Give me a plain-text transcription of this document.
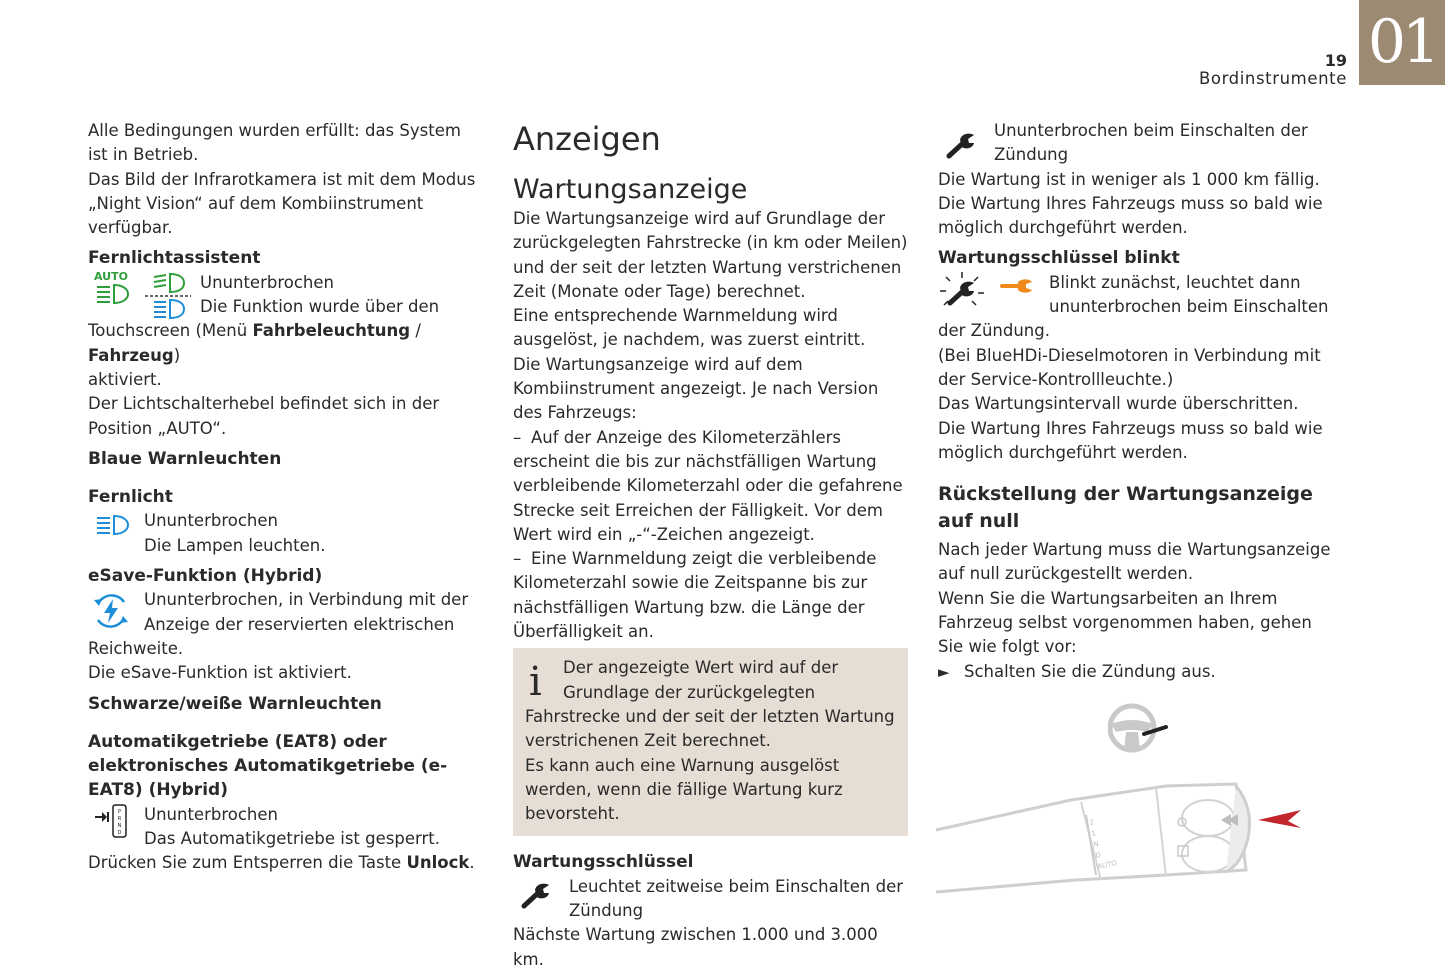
01
19
Bordinstrumente

Alle Bedingungen wurden erfüllt: das System ist in Betrieb.

Das Bild der Infrarotkamera ist mit dem Modus „Night Vision“ auf dem Kombiinstrument verfügbar.

Fernlichtassistent

AUTO	Ununterbrochen

Die Funktion wurde über den

Touchscreen (Menü Fahrbeleuchtung / Fahrzeug)

aktiviert.

Der Lichtschalterhebel befindet sich in der Position „AUTO“.

Blaue Warnleuchten

Fernlicht

Ununterbrochen

Die Lampen leuchten.

eSave-Funktion (Hybrid)

Ununterbrochen, in Verbindung mit der

Anzeige der reservierten elektrischen

Reichweite.

Die eSave-Funktion ist aktiviert.

Schwarze/weiße Warnleuchten

Automatikgetriebe (EAT8) oder elektronisches Automatikgetriebe (e-EAT8) (Hybrid)

P
R
N
D

Ununterbrochen

Das Automatikgetriebe ist gesperrt.

Drücken Sie zum Entsperren die Taste Unlock.

Anzeigen
Wartungsanzeige

Die Wartungsanzeige wird auf Grundlage der zurückgelegten Fahrstrecke (in km oder Meilen) und der seit der letzten Wartung verstrichenen Zeit (Monate oder Tage) berechnet.

Eine entsprechende Warnmeldung wird ausgelöst, je nachdem, was zuerst eintritt.

Die Wartungsanzeige wird auf dem Kombiinstrument angezeigt. Je nach Version des Fahrzeugs:

– Auf der Anzeige des Kilometerzählers erscheint die bis zur nächstfälligen Wartung verbleibende Kilometerzahl oder die gefahrene Strecke seit Erreichen der Fälligkeit. Vor dem Wert wird ein „-“-Zeichen angezeigt.

– Eine Warnmeldung zeigt die verbleibende Kilometerzahl sowie die Zeitspanne bis zur nächstfälligen Wartung bzw. die Länge der Überfälligkeit an.

i	Der angezeigte Wert wird auf der

Grundlage der zurückgelegten

Fahrstrecke und der seit der letzten Wartung verstrichenen Zeit berechnet.

Es kann auch eine Warnung ausgelöst werden, wenn die fällige Wartung kurz bevorsteht.

Wartungsschlüssel

Leuchtet zeitweise beim Einschalten der

Zündung

Nächste Wartung zwischen 1.000 und 3.000 km.

Ununterbrochen beim Einschalten der

Zündung

Die Wartung ist in weniger als 1 000 km fällig.

Die Wartung Ihres Fahrzeugs muss so bald wie möglich durchgeführt werden.

Wartungsschlüssel blinkt

Blinkt zunächst, leuchtet dann

ununterbrochen beim Einschalten

der Zündung.

(Bei BlueHDi-Dieselmotoren in Verbindung mit der Service-Kontrollleuchte.)

Das Wartungsintervall wurde überschritten.

Die Wartung Ihres Fahrzeugs muss so bald wie möglich durchgeführt werden.

Rückstellung der Wartungsanzeige auf null

Nach jeder Wartung muss die Wartungsanzeige auf null zurückgestellt werden.

Wenn Sie die Wartungsarbeiten an Ihrem Fahrzeug selbst vorgenommen haben, gehen Sie wie folgt vor:

► Schalten Sie die Zündung aus.

2
1
N
D
AUTO
